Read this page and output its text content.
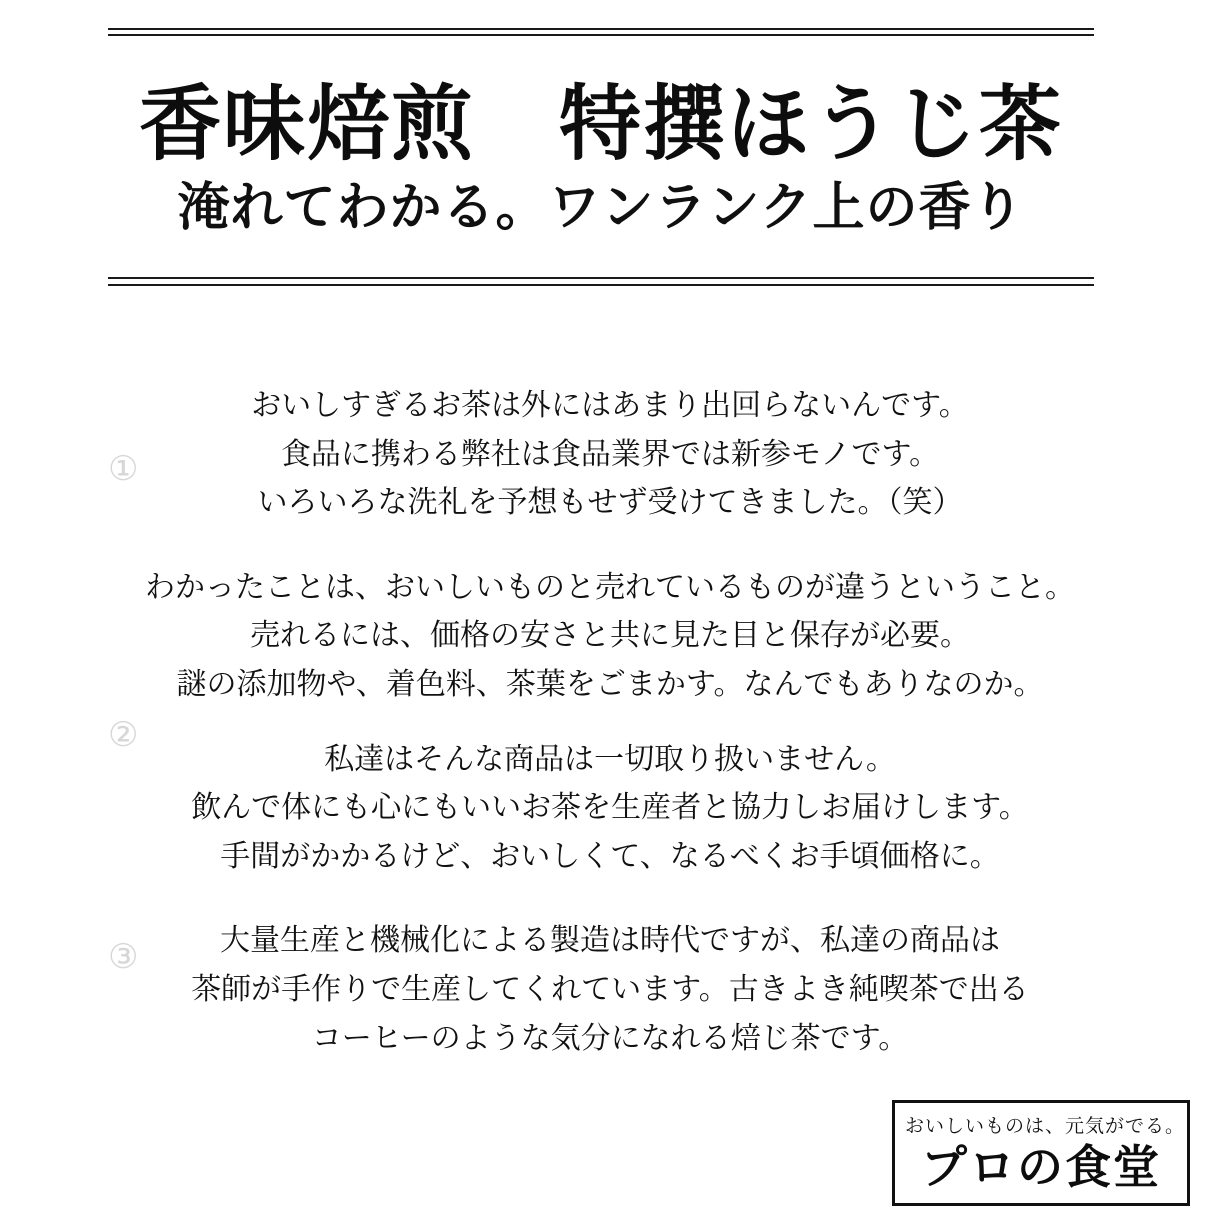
香味焙煎　特撰ほうじ茶
淹れてわかる。ワンランク上の香り
①
②
③

おいしすぎるお茶は外にはあまり出回らないんです。

食品に携わる弊社は食品業界では新参モノです。

いろいろな洗礼を予想もせず受けてきました。（笑）

わかったことは、おいしいものと売れているものが違うということ。

売れるには、価格の安さと共に見た目と保存が必要。

謎の添加物や、着色料、茶葉をごまかす。なんでもありなのか。

私達はそんな商品は一切取り扱いません。

飲んで体にも心にもいいお茶を生産者と協力しお届けします。

手間がかかるけど、おいしくて、なるべくお手頃価格に。

大量生産と機械化による製造は時代ですが、私達の商品は

茶師が手作りで生産してくれています。古きよき純喫茶で出る

コーヒーのような気分になれる焙じ茶です。

おいしいものは、元気がでる。
プロの食堂
